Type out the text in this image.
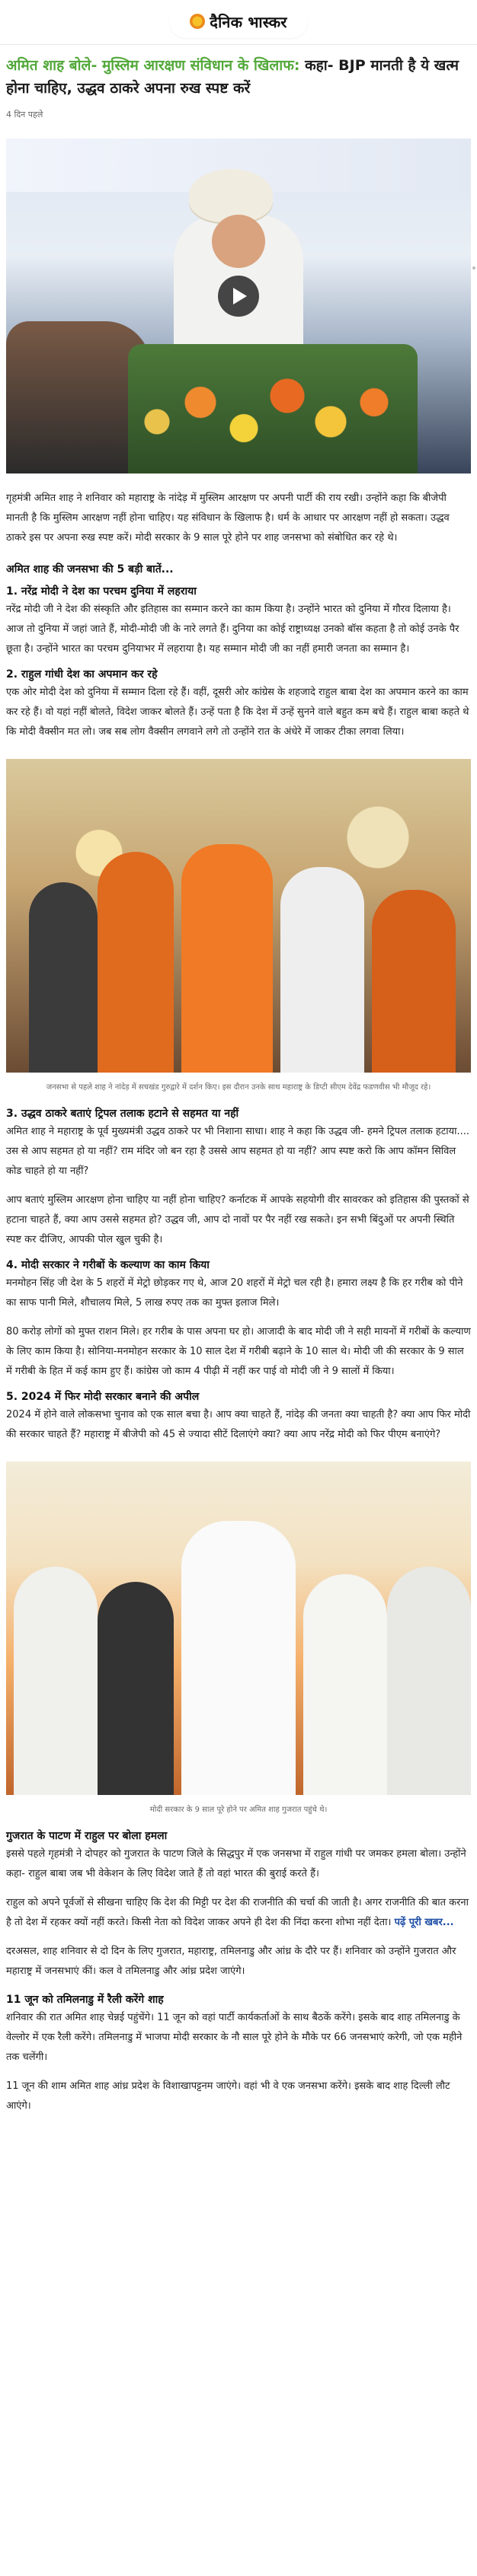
दैनिक भास्कर
अमित शाह बोले- मुस्लिम आरक्षण संविधान के खिलाफ: कहा- BJP मानती है ये खत्म होना चाहिए, उद्धव ठाकरे अपना रुख स्पष्ट करें
4 दिन पहले

गृहमंत्री अमित शाह ने शनिवार को महाराष्ट्र के नांदेड़ में मुस्लिम आरक्षण पर अपनी पार्टी की राय रखी। उन्होंने कहा कि बीजेपी मानती है कि मुस्लिम आरक्षण नहीं होना चाहिए। यह संविधान के खिलाफ है। धर्म के आधार पर आरक्षण नहीं हो सकता। उद्धव ठाकरे इस पर अपना रुख स्पष्ट करें। मोदी सरकार के 9 साल पूरे होने पर शाह जनसभा को संबोधित कर रहे थे।

अमित शाह की जनसभा की 5 बड़ी बातें...
1. नरेंद्र मोदी ने देश का परचम दुनिया में लहराया

नरेंद्र मोदी जी ने देश की संस्कृति और इतिहास का सम्मान करने का काम किया है। उन्होंने भारत को दुनिया में गौरव दिलाया है। आज तो दुनिया में जहां जाते हैं, मोदी-मोदी जी के नारे लगते हैं। दुनिया का कोई राष्ट्राध्यक्ष उनको बॉस कहता है तो कोई उनके पैर छूता है। उन्होंने भारत का परचम दुनियाभर में लहराया है। यह सम्मान मोदी जी का नहीं हमारी जनता का सम्मान है।

2. राहुल गांधी देश का अपमान कर रहे

एक ओर मोदी देश को दुनिया में सम्मान दिला रहे हैं। वहीं, दूसरी ओर कांग्रेस के शहजादे राहुल बाबा देश का अपमान करने का काम कर रहे हैं। वो यहां नहीं बोलते, विदेश जाकर बोलते हैं। उन्हें पता है कि देश में उन्हें सुनने वाले बहुत कम बचे हैं। राहुल बाबा कहते थे कि मोदी वैक्सीन मत लो। जब सब लोग वैक्सीन लगवाने लगे तो उन्होंने रात के अंधेरे में जाकर टीका लगवा लिया।

जनसभा से पहले शाह ने नांदेड़ में सचखंड गुरुद्वारे में दर्शन किए। इस दौरान उनके साथ महाराष्ट्र के डिप्टी सीएम देवेंद्र फडणवीस भी मौजूद रहे।
3. उद्धव ठाकरे बताएं ट्रिपल तलाक हटाने से सहमत या नहीं

अमित शाह ने महाराष्ट्र के पूर्व मुख्यमंत्री उद्धव ठाकरे पर भी निशाना साधा। शाह ने कहा कि उद्धव जी- हमने ट्रिपल तलाक हटाया.... उस से आप सहमत हो या नहीं? राम मंदिर जो बन रहा है उससे आप सहमत हो या नहीं? आप स्पष्ट करो कि आप कॉमन सिविल कोड चाहते हो या नहीं?

आप बताएं मुस्लिम आरक्षण होना चाहिए या नहीं होना चाहिए? कर्नाटक में आपके सहयोगी वीर सावरकर को इतिहास की पुस्तकों से हटाना चाहते हैं, क्या आप उससे सहमत हो? उद्धव जी, आप दो नावों पर पैर नहीं रख सकते। इन सभी बिंदुओं पर अपनी स्थिति स्पष्ट कर दीजिए, आपकी पोल खुल चुकी है।

4. मोदी सरकार ने गरीबों के कल्याण का काम किया

मनमोहन सिंह जी देश के 5 शहरों में मेट्रो छोड़कर गए थे, आज 20 शहरों में मेट्रो चल रही है। हमारा लक्ष्य है कि हर गरीब को पीने का साफ पानी मिले, शौचालय मिले, 5 लाख रुपए तक का मुफ्त इलाज मिले।

80 करोड़ लोगों को मुफ्त राशन मिले। हर गरीब के पास अपना घर हो। आजादी के बाद मोदी जी ने सही मायनों में गरीबों के कल्याण के लिए काम किया है। सोनिया-मनमोहन सरकार के 10 साल देश में गरीबी बढ़ाने के 10 साल थे। मोदी जी की सरकार के 9 साल में गरीबी के हित में कई काम हुए हैं। कांग्रेस जो काम 4 पीढ़ी में नहीं कर पाई वो मोदी जी ने 9 सालों में किया।

5. 2024 में फिर मोदी सरकार बनाने की अपील

2024 में होने वाले लोकसभा चुनाव को एक साल बचा है। आप क्या चाहते हैं, नांदेड़ की जनता क्या चाहती है? क्या आप फिर मोदी की सरकार चाहते हैं? महाराष्ट्र में बीजेपी को 45 से ज्यादा सीटें दिलाएंगे क्या? क्या आप नरेंद्र मोदी को फिर पीएम बनाएंगे?

मोदी सरकार के 9 साल पूरे होने पर अमित शाह गुजरात पहुंचे थे।
गुजरात के पाटण में राहुल पर बोला हमला

इससे पहले गृहमंत्री ने दोपहर को गुजरात के पाटण जिले के सिद्धपुर में एक जनसभा में राहुल गांधी पर जमकर हमला बोला। उन्होंने कहा- राहुल बाबा जब भी वेकेशन के लिए विदेश जाते हैं तो वहां भारत की बुराई करते हैं।

राहुल को अपने पूर्वजों से सीखना चाहिए कि देश की मिट्टी पर देश की राजनीति की चर्चा की जाती है। अगर राजनीति की बात करना है तो देश में रहकर क्यों नहीं करते। किसी नेता को विदेश जाकर अपने ही देश की निंदा करना शोभा नहीं देता। पढ़ें पूरी खबर...

दरअसल, शाह शनिवार से दो दिन के लिए गुजरात, महाराष्ट्र, तमिलनाडु और आंध्र के दौरे पर हैं। शनिवार को उन्होंने गुजरात और महाराष्ट्र में जनसभाएं कीं। कल वे तमिलनाडु और आंध्र प्रदेश जाएंगे।

11 जून को तमिलनाडु में रैली करेंगे शाह

शनिवार की रात अमित शाह चेन्नई पहुंचेंगे। 11 जून को वहां पार्टी कार्यकर्ताओं के साथ बैठकें करेंगे। इसके बाद शाह तमिलनाडु के वेल्लोर में एक रैली करेंगे। तमिलनाडु में भाजपा मोदी सरकार के नौ साल पूरे होने के मौके पर 66 जनसभाएं करेगी, जो एक महीने तक चलेंगी।

11 जून की शाम अमित शाह आंध्र प्रदेश के विशाखापट्टनम जाएंगे। वहां भी वे एक जनसभा करेंगे। इसके बाद शाह दिल्ली लौट आएंगे।
